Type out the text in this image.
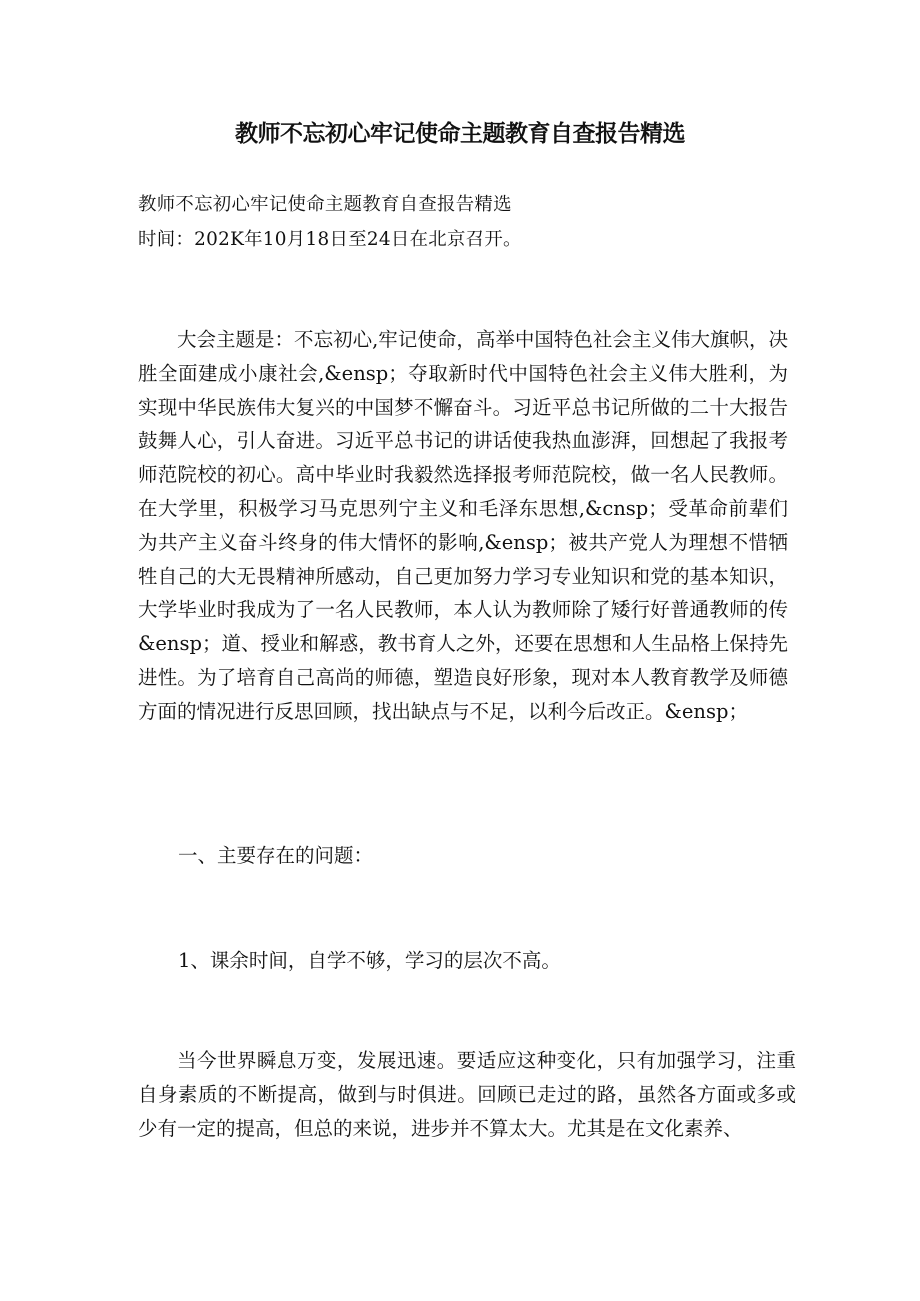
教师不忘初心牢记使命主题教育自查报告精选
教师不忘初心牢记使命主题教育自查报告精选
时间：202K年10月18日至24日在北京召开。

大会主题是：不忘初心,牢记使命，高举中国特色社会主义伟大旗帜，决胜全面建成小康社会,&ensp；夺取新时代中国特色社会主义伟大胜利，为实现中华民族伟大复兴的中国梦不懈奋斗。习近平总书记所做的二十大报告鼓舞人心，引人奋进。习近平总书记的讲话使我热血澎湃，回想起了我报考师范院校的初心。高中毕业时我毅然选择报考师范院校，做一名人民教师。在大学里，积极学习马克思列宁主义和毛泽东思想,&cnsp；受革命前辈们为共产主义奋斗终身的伟大情怀的影响,&ensp；被共产党人为理想不惜牺牲自己的大无畏精神所感动，自己更加努力学习专业知识和党的基本知识，大学毕业时我成为了一名人民教师，本人认为教师除了矮行好普通教师的传&ensp；道、授业和解惑，教书育人之外，还要在思想和人生品格上保持先进性。为了培育自己高尚的师德，塑造良好形象，现对本人教育教学及师德方面的情况进行反思回顾，找出缺点与不足，以利今后改正。&ensp；

一、主要存在的问题：
1、课余时间，自学不够，学习的层次不高。

当今世界瞬息万变，发展迅速。要适应这种变化，只有加强学习，注重自身素质的不断提高，做到与时俱进。回顾已走过的路，虽然各方面或多或少有一定的提高，但总的来说，进步并不算太大。尤其是在文化素养、
